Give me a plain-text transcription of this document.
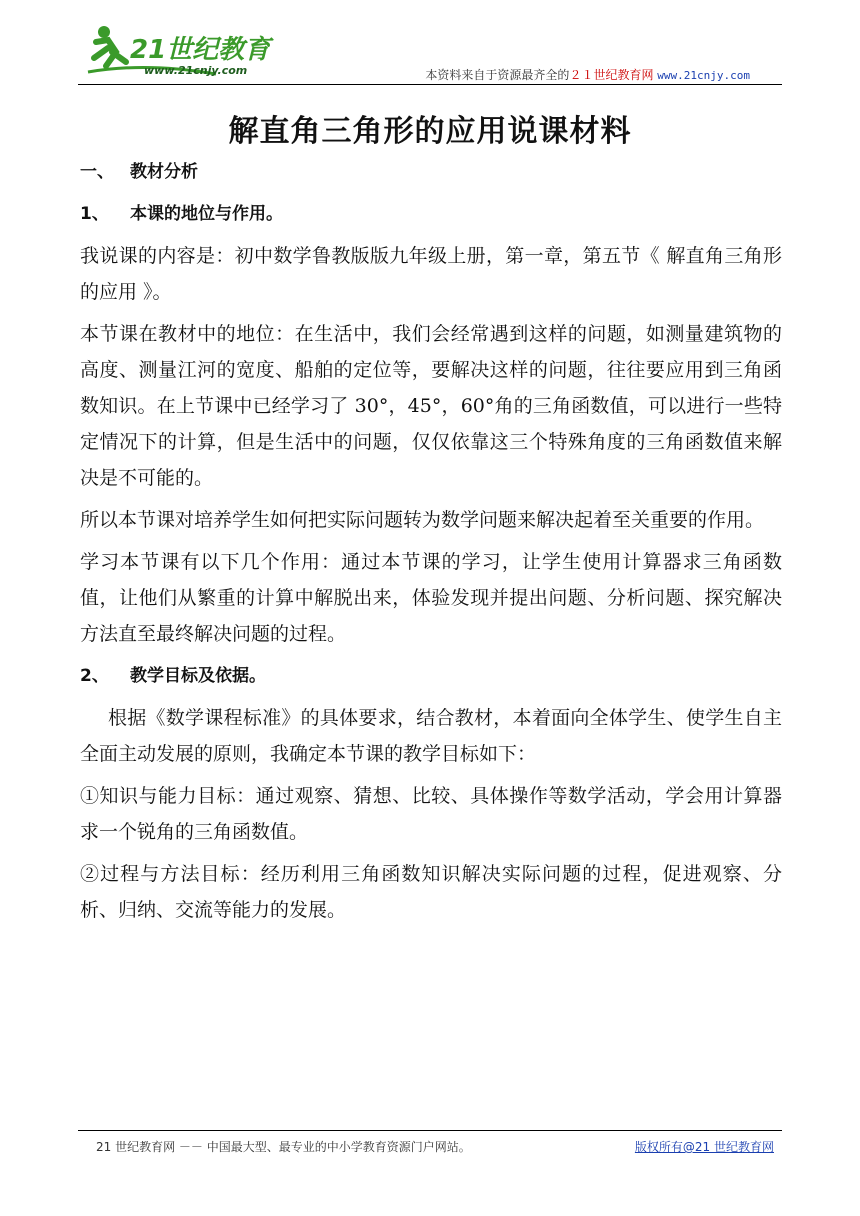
21世纪教育
www.21cnjy.com	本资料来自于资源最齐全的２１世纪教育网 www.21cnjy.com
解直角三角形的应用说课材料

一、 教材分析

1、 本课的地位与作用。

我说课的内容是：初中数学鲁教版版九年级上册，第一章，第五节《 解直角三角形的应用 》。

本节课在教材中的地位：在生活中，我们会经常遇到这样的问题，如测量建筑物的高度、测量江河的宽度、船舶的定位等，要解决这样的问题，往往要应用到三角函数知识。在上节课中已经学习了 30°，45°，60°角的三角函数值，可以进行一些特定情况下的计算，但是生活中的问题，仅仅依靠这三个特殊角度的三角函数值来解决是不可能的。

所以本节课对培养学生如何把实际问题转为数学问题来解决起着至关重要的作用。

学习本节课有以下几个作用：通过本节课的学习，让学生使用计算器求三角函数值，让他们从繁重的计算中解脱出来，体验发现并提出问题、分析问题、探究解决方法直至最终解决问题的过程。

2、 教学目标及依据。

根据《数学课程标准》的具体要求，结合教材，本着面向全体学生、使学生自主全面主动发展的原则，我确定本节课的教学目标如下：

①知识与能力目标：通过观察、猜想、比较、具体操作等数学活动，学会用计算器求一个锐角的三角函数值。

②过程与方法目标：经历利用三角函数知识解决实际问题的过程，促进观察、分析、归纳、交流等能力的发展。

21 世纪教育网 －－ 中国最大型、最专业的中小学教育资源门户网站。	版权所有@21 世纪教育网
